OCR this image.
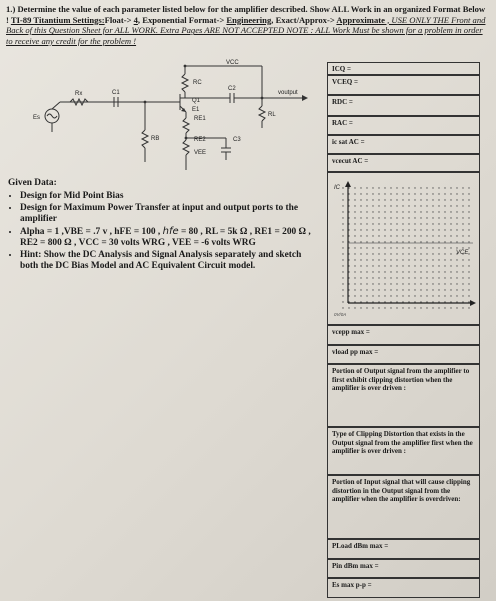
1.) Determine the value of each parameter listed below for the amplifier described. Show ALL Work in an organized Format Below ! TI-89 Titantium Settings:Float-> 4, Exponential Format-> Engineering, Exact/Approx-> Approximate , USE ONLY THE Front and Back of this Question Sheet for ALL WORK. Extra Pages ARE NOT ACCEPTED NOTE : ALL Work Must be shown for a problem in order to receive any credit for the problem !
VCC
RC
Rx	C1
C2
voutput
Q1
E1
RE1
RL
Es
RB	RE2	C3
VEE
ICQ =
VCEQ =
RDC =
RAC =
ic sat AC =
vcecut AC =
IC
VCE
0V/0A
Given Data:
• Design for Mid Point Bias
• Design for Maximum Power Transfer at input and output ports to the amplifier
• Alpha = 1 ,VBE = .7 v , hFE = 100 , hfe = 80 , RL = 5k Ω , RE1 = 200 Ω , RE2 = 800 Ω , VCC = 30 volts WRG , VEE = -6 volts WRG
• Hint: Show the DC Analysis and Signal Analysis separately and sketch both the DC Bias Model and AC Equivalent Circuit model.
vcepp max =
vload pp max =
Portion of Output signal from the amplifier to first exhibit clipping distortion when the amplifier is over driven :
Type of Clipping Distortion that exists in the Output signal from the amplifier first when the amplifier is over driven :
Portion of Input signal that will cause clipping distortion in the Output signal from the amplifier when the amplifier is overdriven:
PLoad dBm max =
Pin dBm max =
Es max p-p =
